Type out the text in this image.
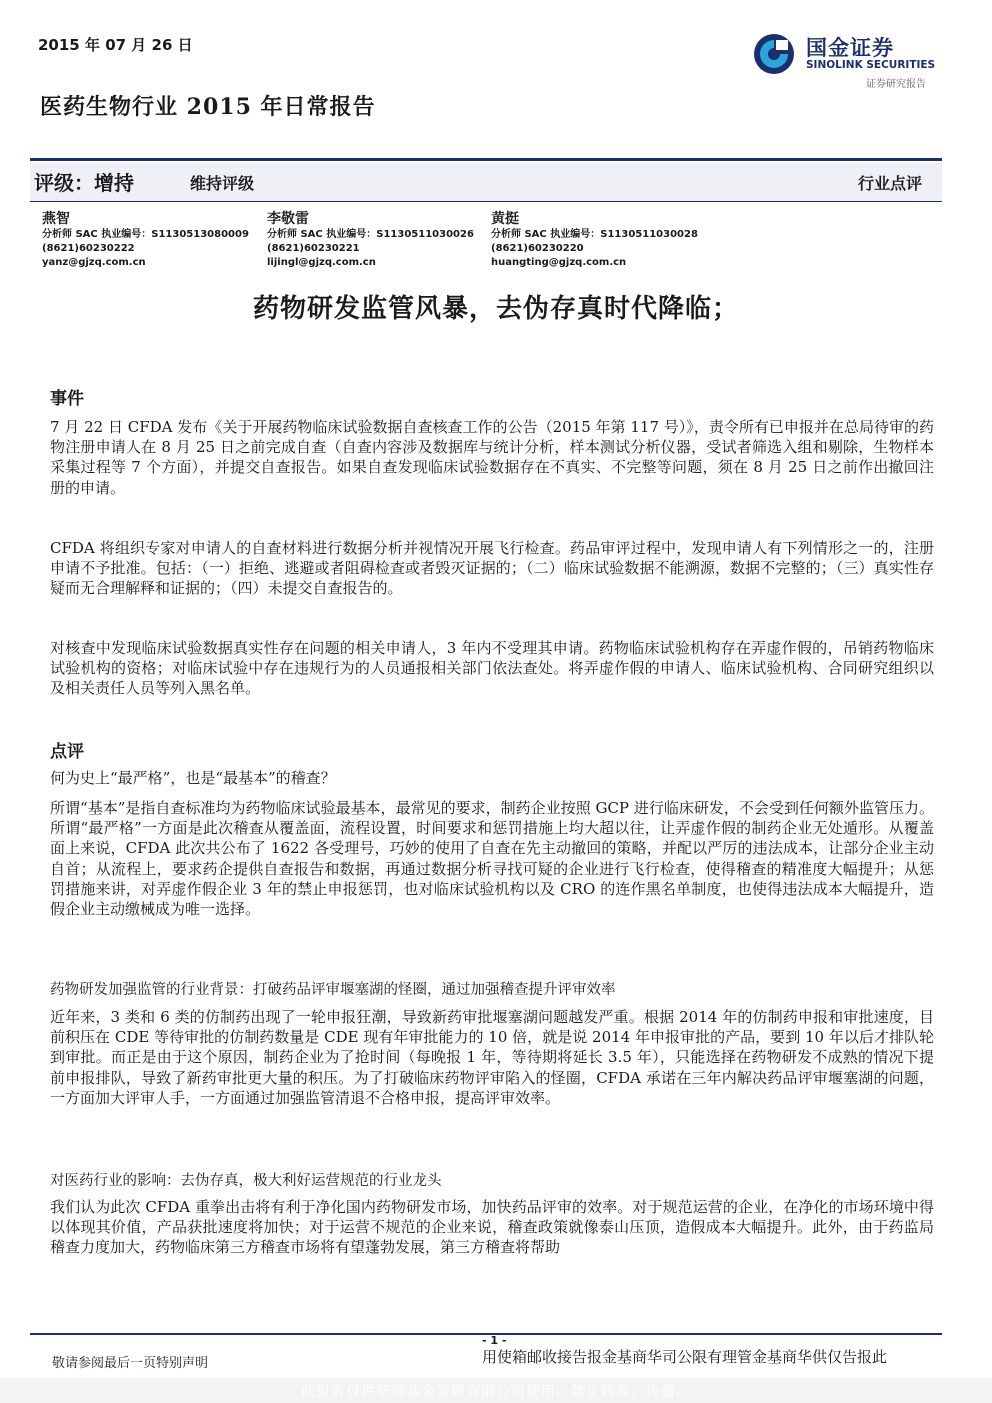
2015 年 07 月 26 日
医药生物行业 2015 年日常报告
国金证券
SINOLINK SECURITIES
证券研究报告
评级：增持	维持评级	行业点评
燕智
分析师 SAC 执业编号：S1130513080009
(8621)60230222
yanz@gjzq.com.cn
李敬雷
分析师 SAC 执业编号：S1130511030026
(8621)60230221
lijingl@gjzq.com.cn
黄挺
分析师 SAC 执业编号：S1130511030028
(8621)60230220
huangting@gjzq.com.cn
药物研发监管风暴，去伪存真时代降临；
事件
7 月 22 日 CFDA 发布《关于开展药物临床试验数据自查核查工作的公告（2015 年第 117 号）》，责令所有已申报并在总局待审的药物注册申请人在 8 月 25 日之前完成自查（自查内容涉及数据库与统计分析，样本测试分析仪器，受试者筛选入组和剔除，生物样本采集过程等 7 个方面），并提交自查报告。如果自查发现临床试验数据存在不真实、不完整等问题，须在 8 月 25 日之前作出撤回注册的申请。
CFDA 将组织专家对申请人的自查材料进行数据分析并视情况开展飞行检查。药品审评过程中，发现申请人有下列情形之一的，注册申请不予批准。包括：（一）拒绝、逃避或者阻碍检查或者毁灭证据的；（二）临床试验数据不能溯源，数据不完整的；（三）真实性存疑而无合理解释和证据的；（四）未提交自查报告的。
对核查中发现临床试验数据真实性存在问题的相关申请人，3 年内不受理其申请。药物临床试验机构存在弄虚作假的，吊销药物临床试验机构的资格；对临床试验中存在违规行为的人员通报相关部门依法查处。将弄虚作假的申请人、临床试验机构、合同研究组织以及相关责任人员等列入黑名单。
点评
何为史上“最严格”，也是“最基本”的稽查？
所谓“基本”是指自查标准均为药物临床试验最基本，最常见的要求，制药企业按照 GCP 进行临床研发，不会受到任何额外监管压力。所谓“最严格”一方面是此次稽查从覆盖面，流程设置，时间要求和惩罚措施上均大超以往，让弄虚作假的制药企业无处遁形。从覆盖面上来说，CFDA 此次共公布了 1622 各受理号，巧妙的使用了自查在先主动撤回的策略，并配以严厉的违法成本，让部分企业主动自首；从流程上，要求药企提供自查报告和数据，再通过数据分析寻找可疑的企业进行飞行检查，使得稽查的精准度大幅提升；从惩罚措施来讲，对弄虚作假企业 3 年的禁止申报惩罚，也对临床试验机构以及 CRO 的连作黑名单制度，也使得违法成本大幅提升，造假企业主动缴械成为唯一选择。
药物研发加强监管的行业背景：打破药品评审堰塞湖的怪圈，通过加强稽查提升评审效率
近年来，3 类和 6 类的仿制药出现了一轮申报狂潮，导致新药审批堰塞湖问题越发严重。根据 2014 年的仿制药申报和审批速度，目前积压在 CDE 等待审批的仿制药数量是 CDE 现有年审批能力的 10 倍，就是说 2014 年申报审批的产品，要到 10 年以后才排队轮到审批。而正是由于这个原因，制药企业为了抢时间（每晚报 1 年，等待期将延长 3.5 年），只能选择在药物研发不成熟的情况下提前申报排队，导致了新药审批更大量的积压。为了打破临床药物评审陷入的怪圈，CFDA 承诺在三年内解决药品评审堰塞湖的问题，一方面加大评审人手，一方面通过加强监管清退不合格申报，提高评审效率。
对医药行业的影响：去伪存真，极大利好运营规范的行业龙头
我们认为此次 CFDA 重拳出击将有利于净化国内药物研发市场，加快药品评审的效率。对于规范运营的企业，在净化的市场环境中得以体现其价值，产品获批速度将加快；对于运营不规范的企业来说，稽查政策就像泰山压顶，造假成本大幅提升。此外，由于药监局稽查力度加大，药物临床第三方稽查市场将有望蓬勃发展，第三方稽查将帮助
- 1 -
敬请参阅最后一页特别声明	用使箱邮收接告报金基商华司公限有理管金基商华供仅告报此
此报告仅供华商基金管理有限公司使用。禁止转发、传播。
